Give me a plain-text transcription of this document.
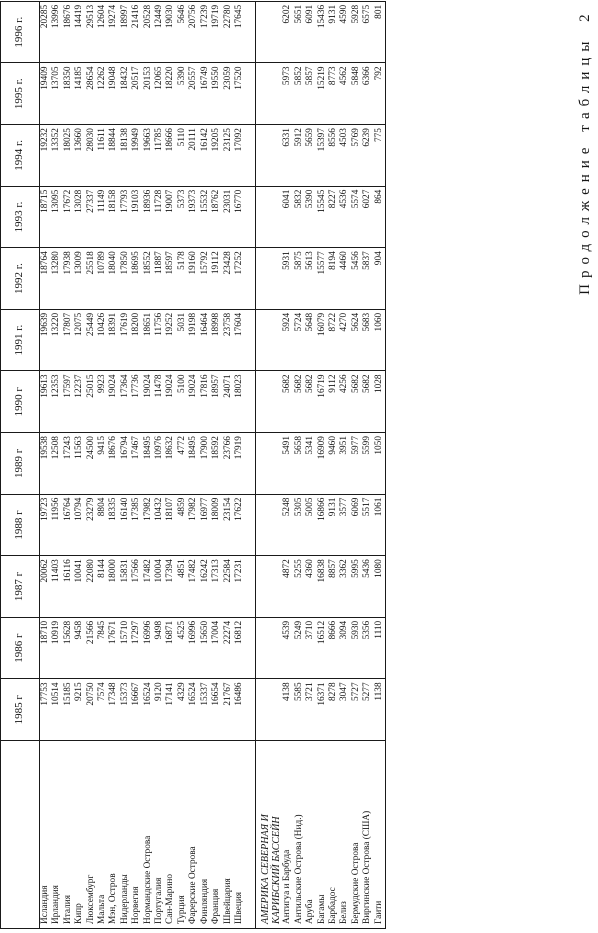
Продолжение таблицы2
	1985 г	1986 г	1987 г	1988 г	1989 г	1990 г	1991 г.	1992 г.	1993 г.	1994 г.	1995 г.	1996 г.
Исландия	17753	18710	20062	19723	19538	19613	19639	18764	18715	19232	19409	20285
Ирландия	10514	10919	11403	11956	12508	12353	13220	13280	13095	13352	13705	13996
Италия	15185	15628	16116	16764	17243	17597	17807	17938	17672	18025	18350	18676
Кипр	9215	9458	10041	10794	11563	12237	12075	13009	13028	13660	14185	14419
Люксембург	20750	21566	22080	23279	24500	25015	25449	25518	27337	28030	28654	29513
Мальта	7574	7845	8144	8804	9415	9923	10426	10789	11149	11611	12262	12604
Мэн, Остров	17348	17671	18000	18335	18676	19024	18391	18040	18158	18844	19048	19274
Нидерланды	15373	15710	15831	16140	16794	17364	17619	17850	17793	18138	18432	18997
Норвегия	16667	17297	17566	17385	17467	17736	18200	18695	19103	19949	20517	21416
Нормандские Острова	16524	16996	17482	17982	18495	19024	18651	18552	18936	19663	20153	20528
Португалия	9120	9498	10004	10432	10976	11478	11756	11887	11728	11785	12065	12449
Сан-Марино	17141	16871	17394	18107	18632	19024	19252	18597	19007	18666	18220	19030
Турция	4329	4525	4851	4859	4772	5100	5031	5178	5373	5110	5390	5646
Фарерские Острова	16524	16996	17482	17982	18495	19024	19198	19160	19373	20111	20557	20756
Финляндия	15337	15650	16242	16977	17900	17816	16464	15792	15532	16142	16749	17239
Франция	16654	17004	17313	18009	18592	18957	18998	19112	18762	19205	19550	19719
Швейцария	21767	22274	22584	23154	23766	24071	23758	23428	23031	23125	23059	22780
Швеция	16486	16812	17231	17622	17919	18023	17604	17252	16770	17092	17520	17645

АМЕРИКА СЕВЕРНАЯ И												
КАРИБСКИЙ БАССЕЙН												
Антигуа и Барбуда	4138	4539	4872	5248	5491	5682	5924	5931	6041	6331	5973	6202
Антильские Острова (Нид.)	5585	5249	5255	5305	5658	5682	5724	5875	5832	5912	5852	5651
Аруба	3721	3710	4360	5005	5341	5682	5648	5613	5390	5659	5857	6091
Багамы	16371	16512	16838	16866	16909	16719	16079	15577	15545	15397	15219	15436
Барбадос	8278	8666	8857	9131	9460	9112	8722	8194	8227	8556	8773	9131
Белиз	3047	3094	3362	3577	3951	4256	4270	4460	4536	4503	4562	4590
Бермудские Острова	5727	5930	5995	6069	5977	5682	5624	5456	5574	5769	5848	5928
Виргинские Острова (США)	5277	5356	5436	5517	5599	5682	5683	5837	6027	6239	6366	6575
Гаити	1138	1110	1080	1061	1050	1028	1060	904	864	775	792	801
